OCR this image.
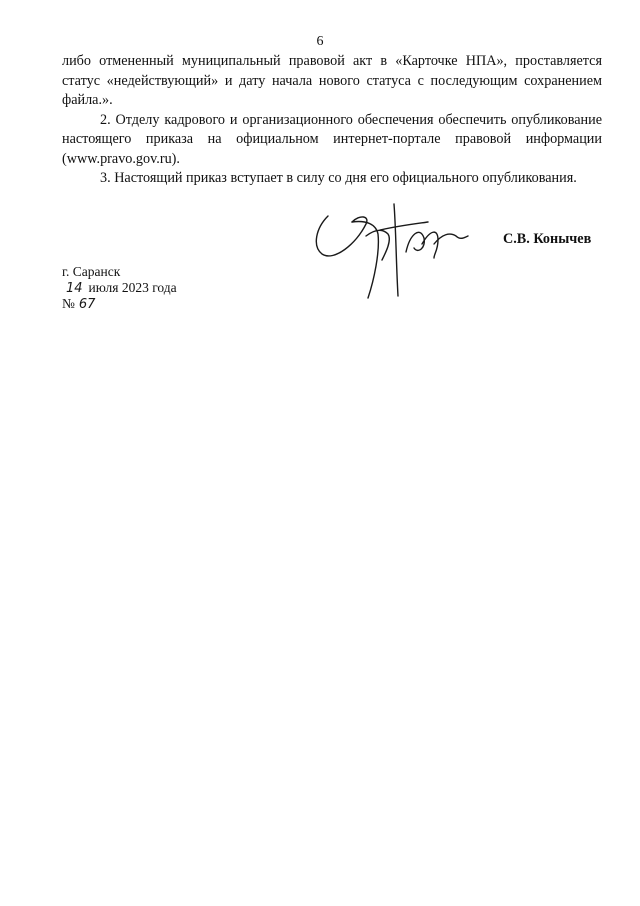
6

либо отмененный муниципальный правовой акт в «Карточке НПА», проставляется статус «недействующий» и дату начала нового статуса с последующим сохранением файла.».

2. Отделу кадрового и организационного обеспечения обеспечить опубликование настоящего приказа на официальном интернет-портале правовой информации (www.pravo.gov.ru).

3. Настоящий приказ вступает в силу со дня его официального опубликования.

С.В. Конычев
г. Саранск
14 июля 2023 года
№ 67
